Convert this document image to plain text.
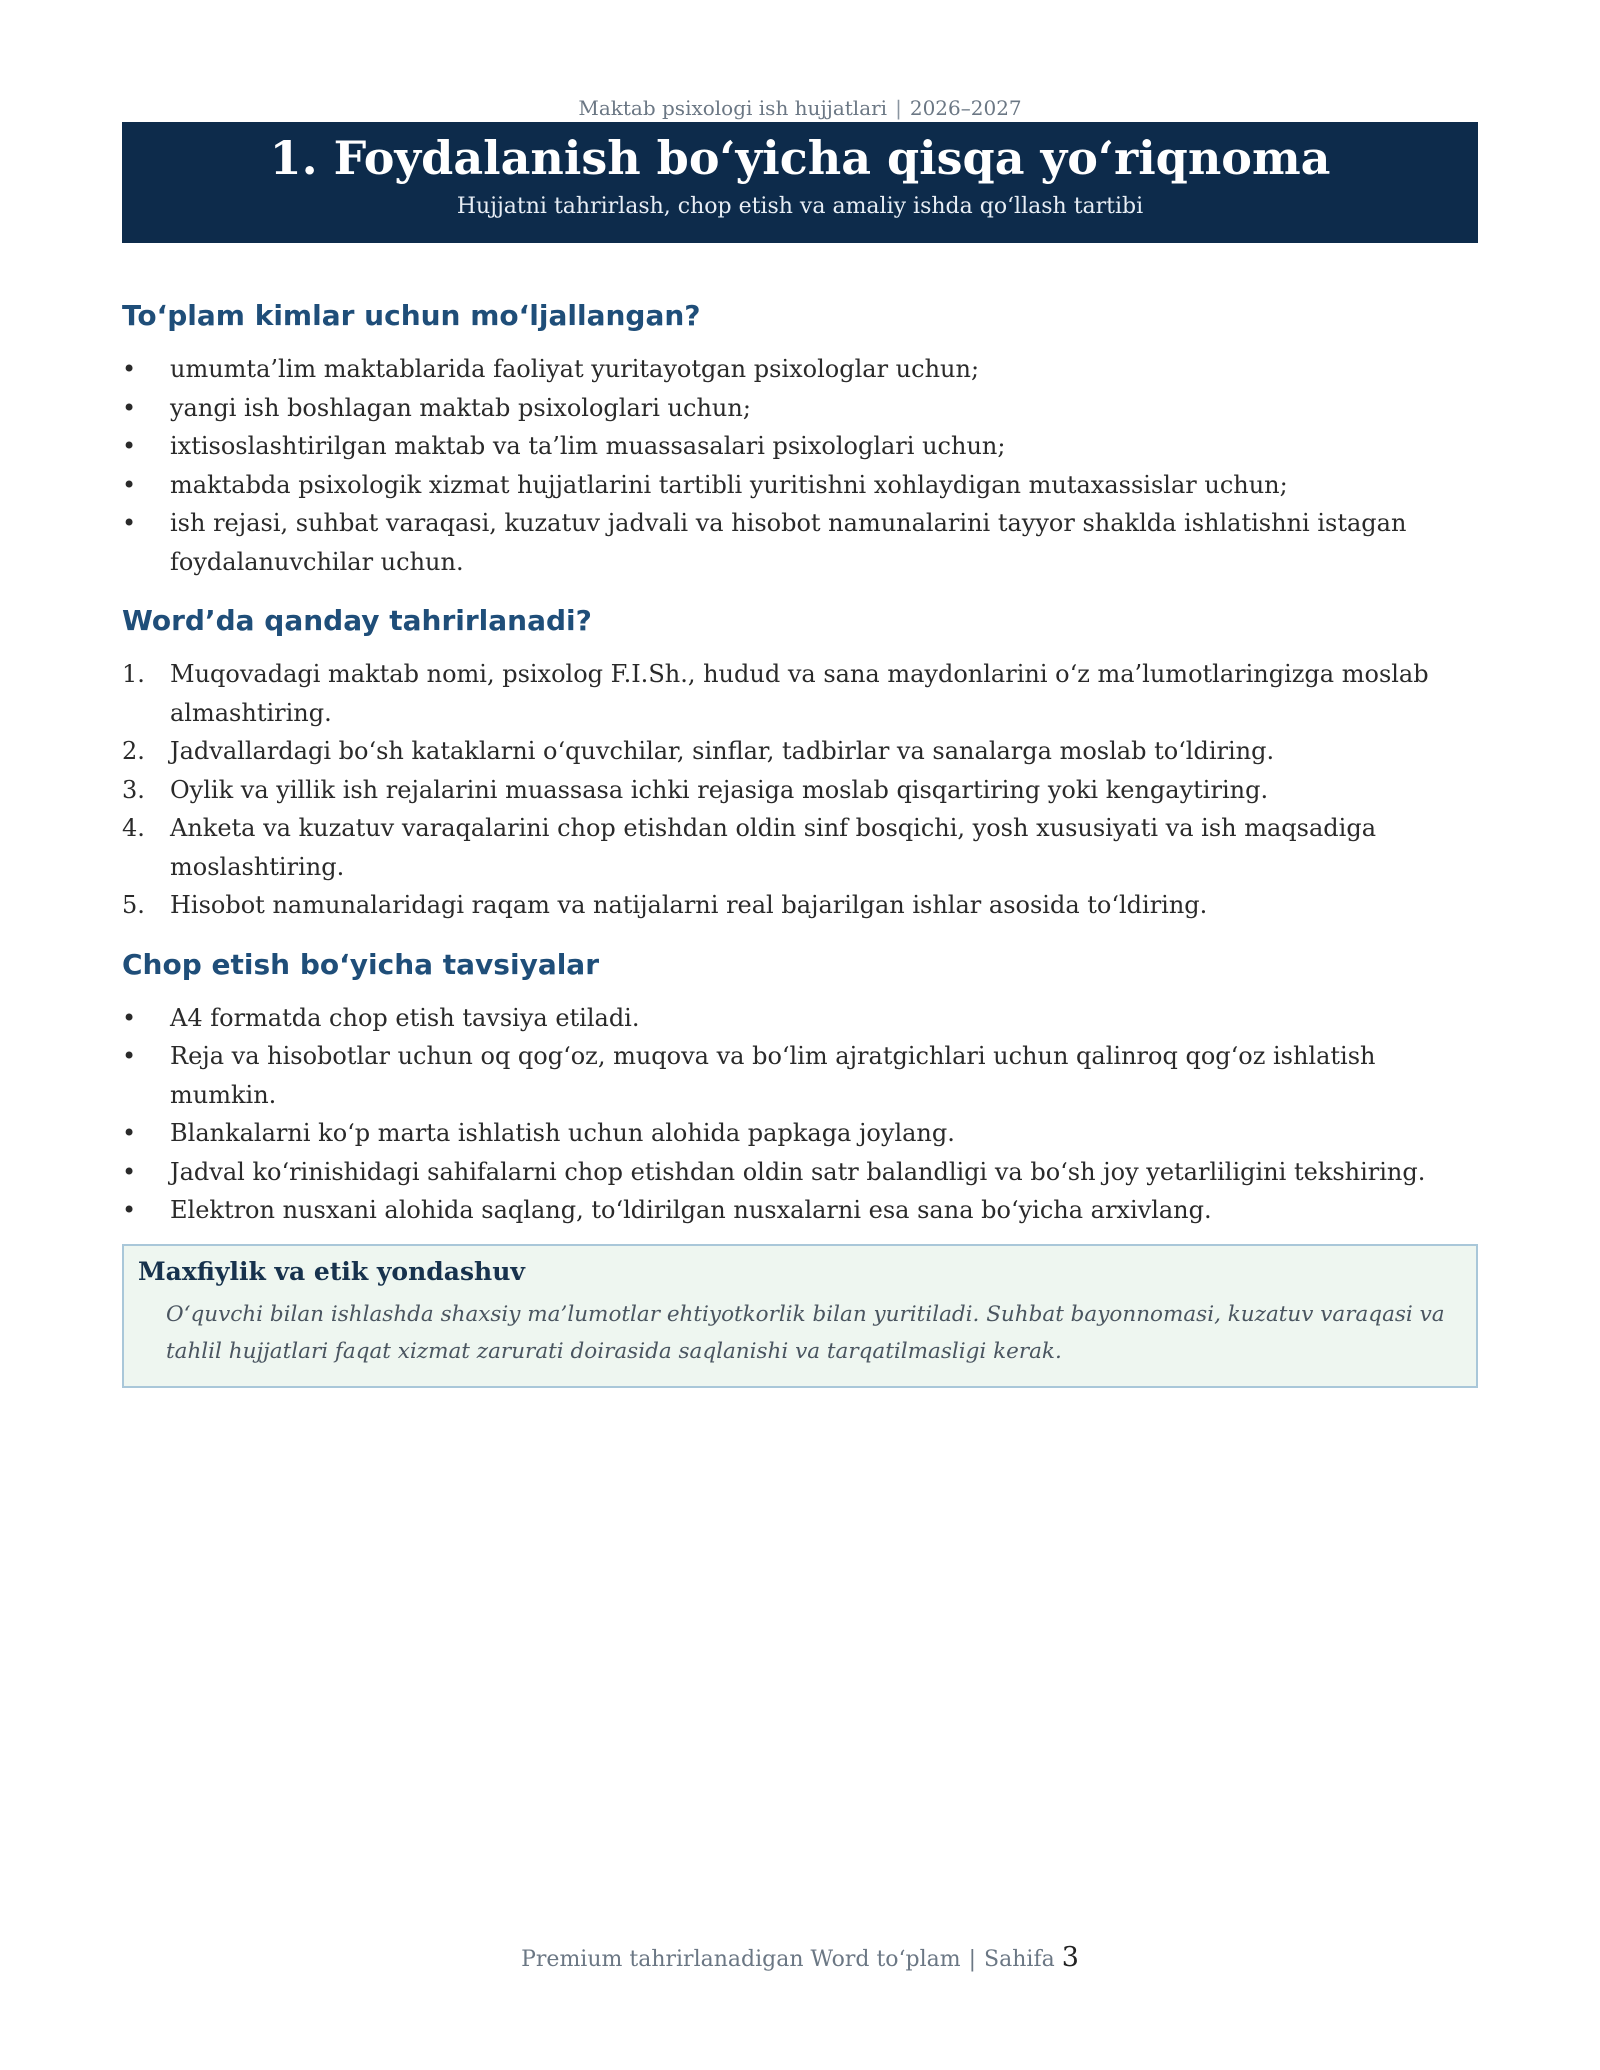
Maktab psixologi ish hujjatlari | 2026–2027
1. Foydalanish boʻyicha qisqa yoʻriqnoma
Hujjatni tahrirlash, chop etish va amaliy ishda qoʻllash tartibi
Toʻplam kimlar uchun moʻljallangan?
• umumta’lim maktablarida faoliyat yuritayotgan psixologlar uchun;
• yangi ish boshlagan maktab psixologlari uchun;
• ixtisoslashtirilgan maktab va ta’lim muassasalari psixologlari uchun;
• maktabda psixologik xizmat hujjatlarini tartibli yuritishni xohlaydigan mutaxassislar uchun;
• ish rejasi, suhbat varaqasi, kuzatuv jadvali va hisobot namunalarini tayyor shaklda ishlatishni istagan foydalanuvchilar uchun.
Word’da qanday tahrirlanadi?
1. Muqovadagi maktab nomi, psixolog F.I.Sh., hudud va sana maydonlarini oʻz ma’lumotlaringizga moslab almashtiring.
2. Jadvallardagi boʻsh kataklarni oʻquvchilar, sinflar, tadbirlar va sanalarga moslab toʻldiring.
3. Oylik va yillik ish rejalarini muassasa ichki rejasiga moslab qisqartiring yoki kengaytiring.
4. Anketa va kuzatuv varaqalarini chop etishdan oldin sinf bosqichi, yosh xususiyati va ish maqsadiga moslashtiring.
5. Hisobot namunalaridagi raqam va natijalarni real bajarilgan ishlar asosida toʻldiring.
Chop etish boʻyicha tavsiyalar
• A4 formatda chop etish tavsiya etiladi.
• Reja va hisobotlar uchun oq qogʻoz, muqova va boʻlim ajratgichlari uchun qalinroq qogʻoz ishlatish mumkin.
• Blankalarni koʻp marta ishlatish uchun alohida papkaga joylang.
• Jadval koʻrinishidagi sahifalarni chop etishdan oldin satr balandligi va boʻsh joy yetarliligini tekshiring.
• Elektron nusxani alohida saqlang, toʻldirilgan nusxalarni esa sana boʻyicha arxivlang.
Maxfiylik va etik yondashuv
Oʻquvchi bilan ishlashda shaxsiy ma’lumotlar ehtiyotkorlik bilan yuritiladi. Suhbat bayonnomasi, kuzatuv varaqasi va tahlil hujjatlari faqat xizmat zarurati doirasida saqlanishi va tarqatilmasligi kerak.
Premium tahrirlanadigan Word toʻplam | Sahifa 3
